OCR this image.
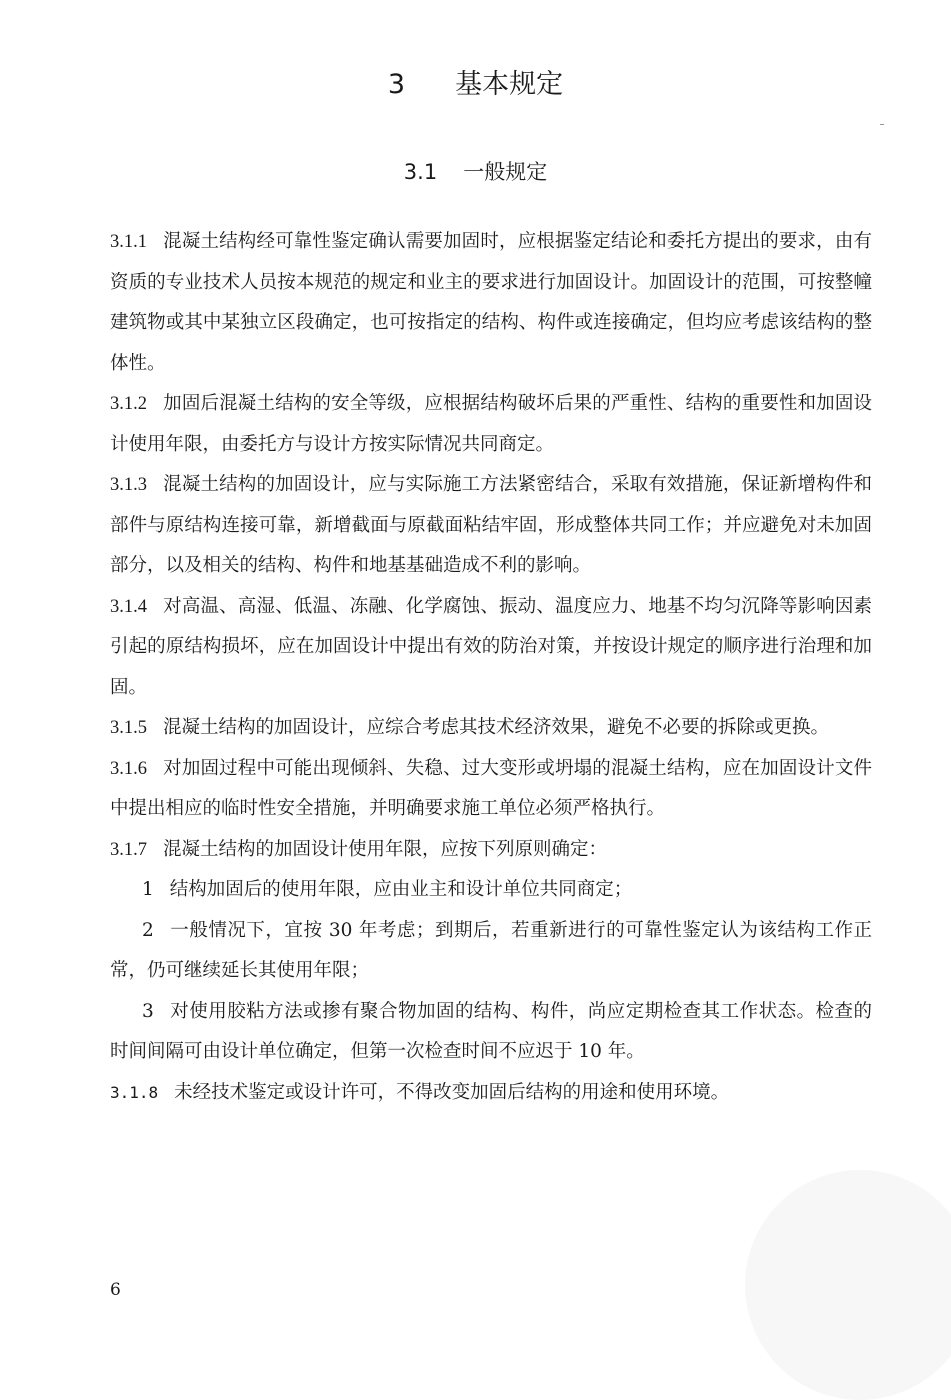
3 基本规定
3.1 一般规定

3.1.1 混凝土结构经可靠性鉴定确认需要加固时，应根据鉴定结论和委托方提出的要求，由有资质的专业技术人员按本规范的规定和业主的要求进行加固设计。加固设计的范围，可按整幢建筑物或其中某独立区段确定，也可按指定的结构、构件或连接确定，但均应考虑该结构的整体性。

3.1.2 加固后混凝土结构的安全等级，应根据结构破坏后果的严重性、结构的重要性和加固设计使用年限，由委托方与设计方按实际情况共同商定。

3.1.3 混凝土结构的加固设计，应与实际施工方法紧密结合，采取有效措施，保证新增构件和部件与原结构连接可靠，新增截面与原截面粘结牢固，形成整体共同工作；并应避免对未加固部分，以及相关的结构、构件和地基基础造成不利的影响。

3.1.4 对高温、高湿、低温、冻融、化学腐蚀、振动、温度应力、地基不均匀沉降等影响因素引起的原结构损坏，应在加固设计中提出有效的防治对策，并按设计规定的顺序进行治理和加固。

3.1.5 混凝土结构的加固设计，应综合考虑其技术经济效果，避免不必要的拆除或更换。

3.1.6 对加固过程中可能出现倾斜、失稳、过大变形或坍塌的混凝土结构，应在加固设计文件中提出相应的临时性安全措施，并明确要求施工单位必须严格执行。

3.1.7 混凝土结构的加固设计使用年限，应按下列原则确定：

1 结构加固后的使用年限，应由业主和设计单位共同商定；

2 一般情况下，宜按 30 年考虑；到期后，若重新进行的可靠性鉴定认为该结构工作正常，仍可继续延长其使用年限；

3 对使用胶粘方法或掺有聚合物加固的结构、构件，尚应定期检查其工作状态。检查的时间间隔可由设计单位确定，但第一次检查时间不应迟于 10 年。

3.1.8 未经技术鉴定或设计许可，不得改变加固后结构的用途和使用环境。

6
